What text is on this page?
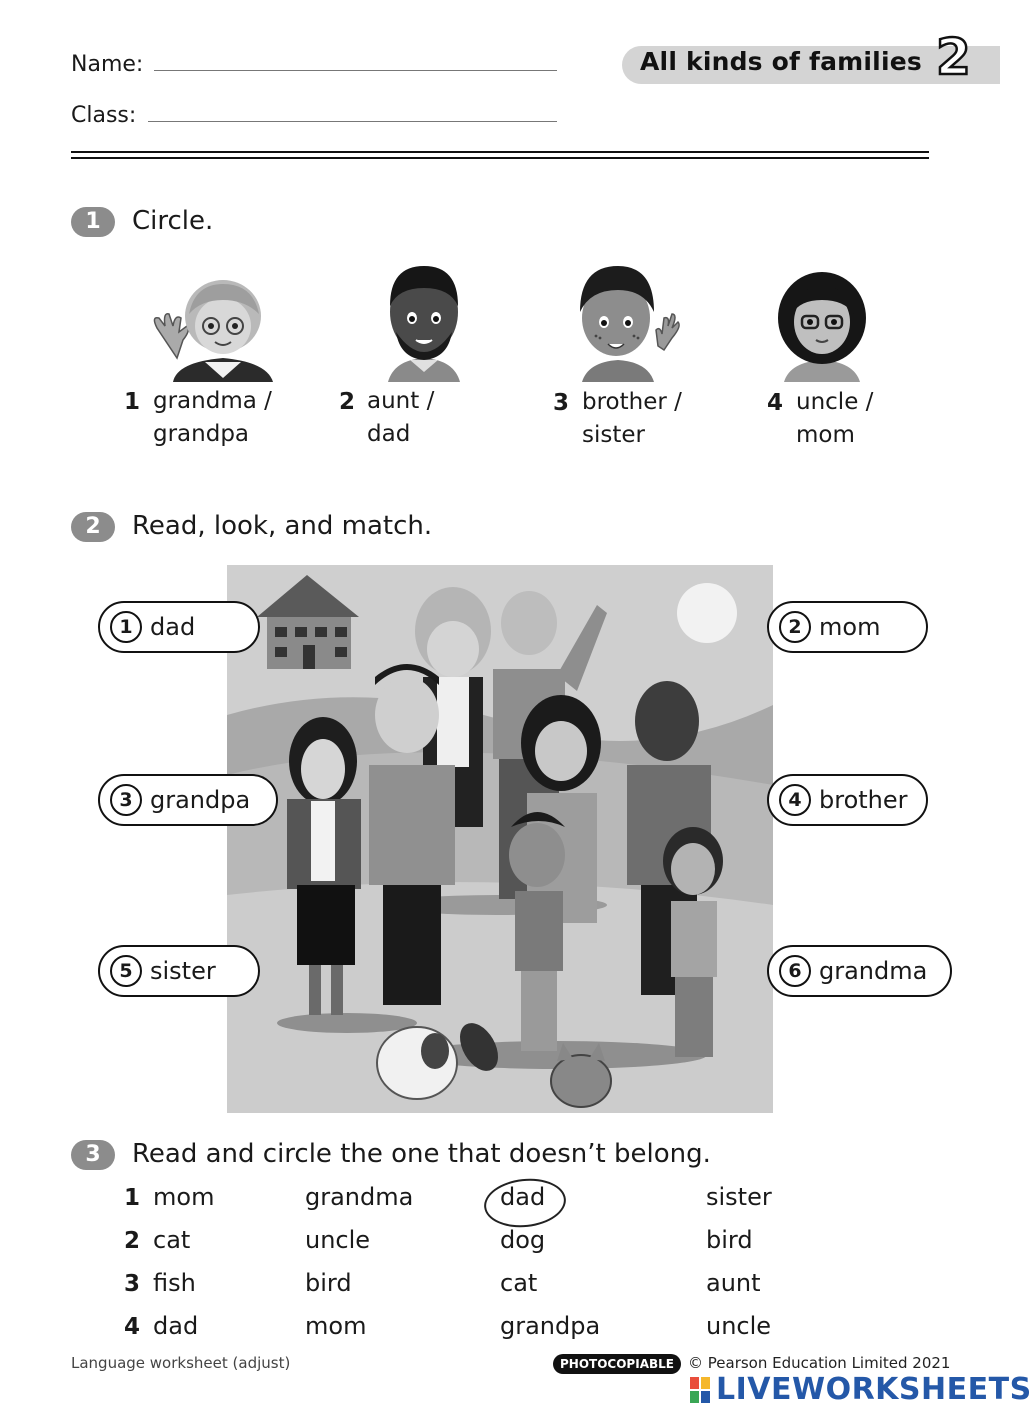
Name:
Class:
All kinds of families 2
1	Circle.
1 grandma /
grandpa
2 aunt /
dad
3 brother /
sister
4 uncle /
mom
2	Read, look, and match.
1 dad	2 mom
3 grandpa	4 brother
5 sister	6 grandma
3	Read and circle the one that doesn’t belong.
1 mom	grandma	dad	sister
2 cat	uncle	dog	bird
3 fish	bird	cat	aunt
4 dad	mom	grandpa	uncle
Language worksheet (adjust)	PHOTOCOPIABLE © Pearson Education Limited 2021
LIVEWORKSHEETS
